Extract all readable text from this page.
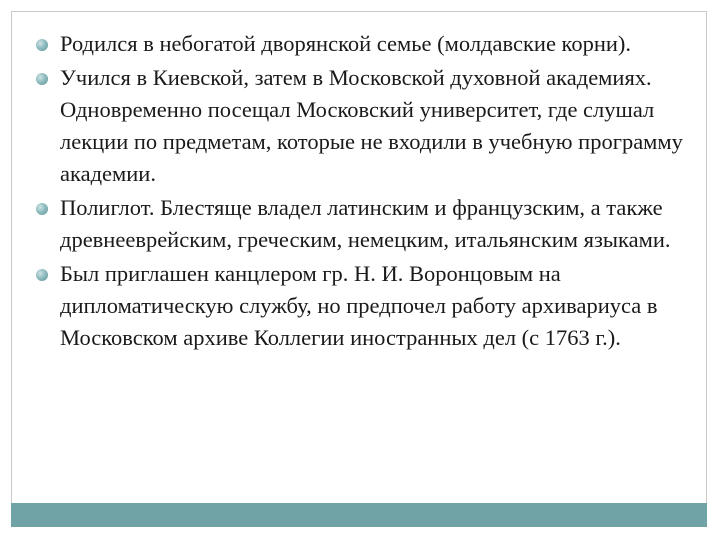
Родился в небогатой дворянской семье (молдавские корни).
Учился в Киевской, затем в Московской духовной академиях. Одновременно посещал Московский университет, где слушал лекции по предметам, которые не входили в учебную программу академии.
Полиглот. Блестяще владел латинским и французским, а также древнееврейским, греческим, немецким, итальянским языками.
Был приглашен канцлером гр. Н. И. Воронцовым на дипломатическую службу, но предпочел работу архивариуса в Московском архиве Коллегии иностранных дел (с 1763 г.).
